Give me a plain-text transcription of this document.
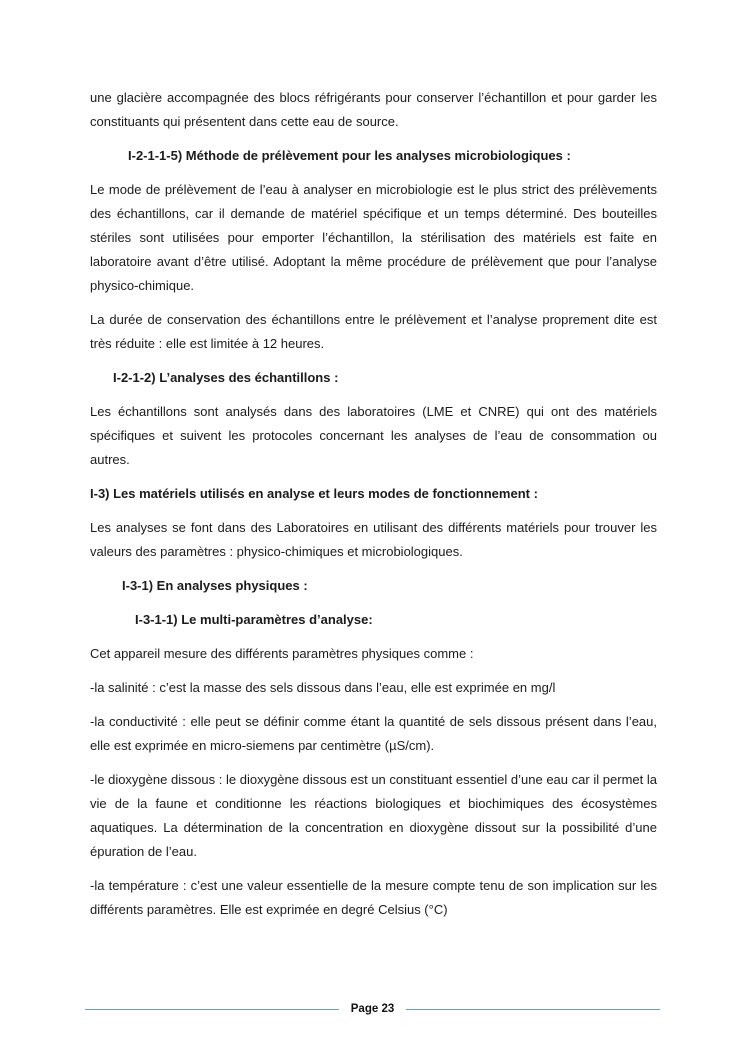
une glacière accompagnée des blocs réfrigérants pour conserver l’échantillon et pour garder les constituants qui présentent dans cette eau de source.

I-2-1-1-5) Méthode de prélèvement pour les analyses microbiologiques :

Le mode de prélèvement de l’eau à analyser en microbiologie est le plus strict des prélèvements des échantillons, car il demande de matériel spécifique et un temps déterminé. Des bouteilles stériles sont utilisées pour emporter l’échantillon, la stérilisation des matériels est faite en laboratoire avant d’être utilisé. Adoptant la même procédure de prélèvement que pour l’analyse physico-chimique.

La durée de conservation des échantillons entre le prélèvement et l’analyse proprement dite est très réduite : elle est limitée à 12 heures.

I-2-1-2) L’analyses des échantillons :

Les échantillons sont analysés dans des laboratoires (LME et CNRE) qui ont des matériels spécifiques et suivent les protocoles concernant les analyses de l’eau de consommation ou autres.

I-3) Les matériels utilisés en analyse et leurs modes de fonctionnement :

Les analyses se font dans des Laboratoires en utilisant des différents matériels pour trouver les valeurs des paramètres : physico-chimiques et microbiologiques.

I-3-1) En analyses physiques :

I-3-1-1) Le multi-paramètres d’analyse:

Cet appareil mesure des différents paramètres physiques comme :

-la salinité : c’est la masse des sels dissous dans l’eau, elle est exprimée en mg/l

-la conductivité : elle peut se définir comme étant la quantité de sels dissous présent dans l’eau, elle est exprimée en micro-siemens par centimètre (µS/cm).

-le dioxygène dissous : le dioxygène dissous est un constituant essentiel d’une eau car il permet la vie de la faune et conditionne les réactions biologiques et biochimiques des écosystèmes aquatiques. La détermination de la concentration en dioxygène dissout sur la possibilité d’une épuration de l’eau.

-la température : c’est une valeur essentielle de la mesure compte tenu de son implication sur les différents paramètres. Elle est exprimée en degré Celsius (°C)

Page 23
